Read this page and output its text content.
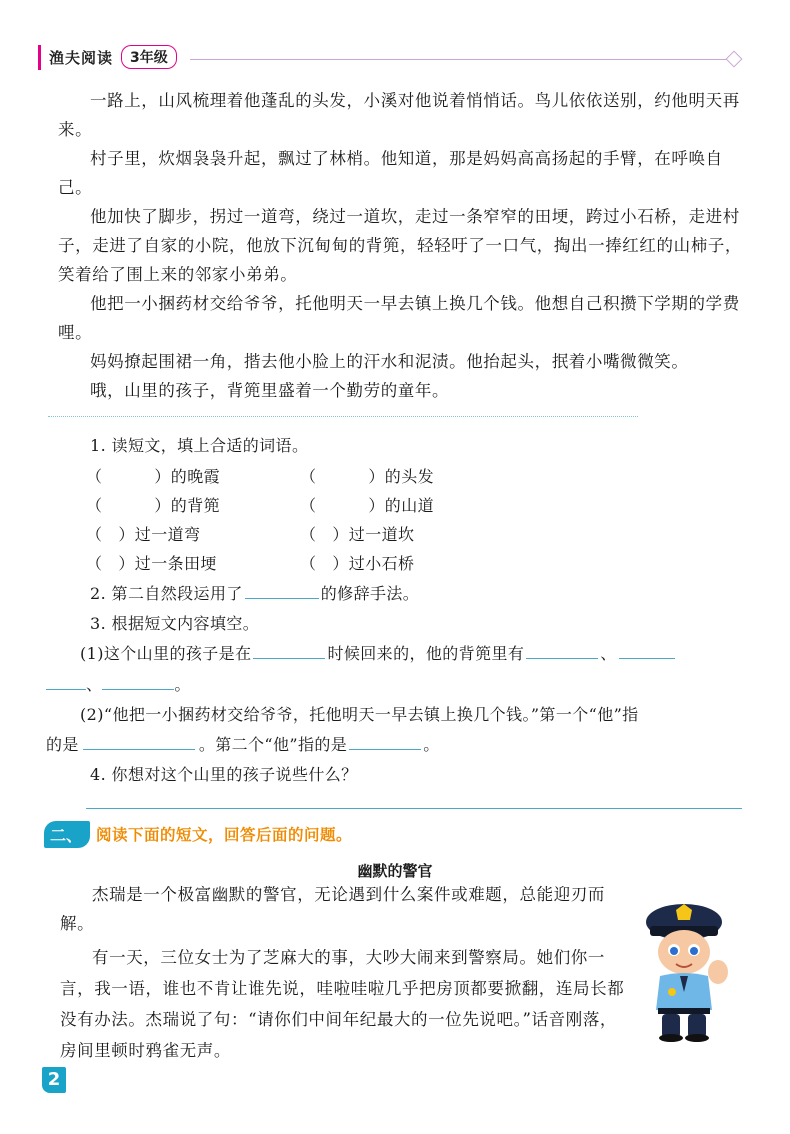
渔夫阅读	3年级

一路上，山风梳理着他蓬乱的头发，小溪对他说着悄悄话。鸟儿依依送别，约他明天再来。

村子里，炊烟袅袅升起，飘过了林梢。他知道，那是妈妈高高扬起的手臂，在呼唤自己。

他加快了脚步，拐过一道弯，绕过一道坎，走过一条窄窄的田埂，跨过小石桥，走进村子，走进了自家的小院，他放下沉甸甸的背篼，轻轻吁了一口气，掏出一捧红红的山柿子，笑着给了围上来的邻家小弟弟。

他把一小捆药材交给爷爷，托他明天一早去镇上换几个钱。他想自己积攒下学期的学费哩。

妈妈撩起围裙一角，揩去他小脸上的汗水和泥渍。他抬起头，抿着小嘴微微笑。

哦，山里的孩子，背篼里盛着一个勤劳的童年。

1. 读短文，填上合适的词语。
（	）的晚霞	（	）的头发
（	）的背篼	（	）的山道
（ ）过一道弯	（ ）过一道坎
（ ）过一条田埂	（ ）过小石桥
2. 第二自然段运用了	的修辞手法。
3. 根据短文内容填空。
(1)这个山里的孩子是在	时候回来的，他的背篼里有	、
、	。
(2)“他把一小捆药材交给爷爷，托他明天一早去镇上换几个钱。”第一个“他”指
的是	。第二个“他”指的是	。
4. 你想对这个山里的孩子说些什么？
二、 阅读下面的短文，回答后面的问题。
幽默的警官

杰瑞是一个极富幽默的警官，无论遇到什么案件或难题，总能迎刃而解。

有一天，三位女士为了芝麻大的事，大吵大闹来到警察局。她们你一言，我一语，谁也不肯让谁先说，哇啦哇啦几乎把房顶都要掀翻，连局长都没有办法。杰瑞说了句：“请你们中间年纪最大的一位先说吧。”话音刚落，房间里顿时鸦雀无声。

2
